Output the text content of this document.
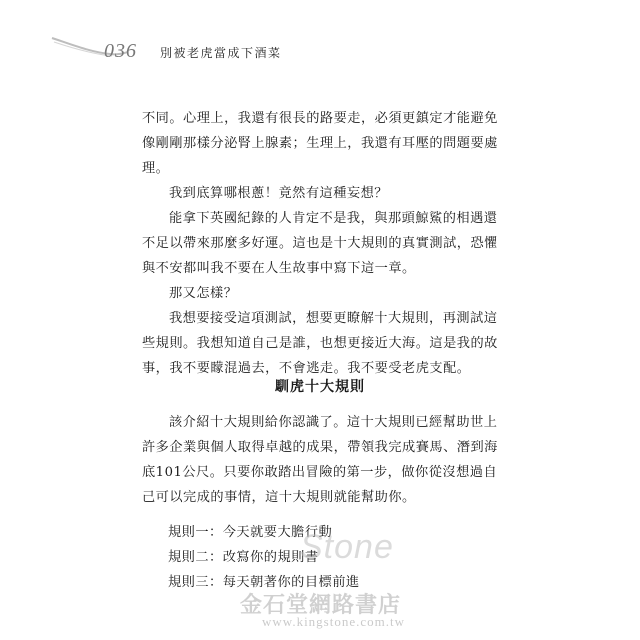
036 別被老虎當成下酒菜

不同。心理上，我還有很長的路要走，必須更鎮定才能避免像剛剛那樣分泌腎上腺素；生理上，我還有耳壓的問題要處理。

我到底算哪根蔥！竟然有這種妄想？

能拿下英國紀錄的人肯定不是我，與那頭鯨鯊的相遇還不足以帶來那麼多好運。這也是十大規則的真實測試，恐懼與不安都叫我不要在人生故事中寫下這一章。

那又怎樣？

我想要接受這項測試，想要更瞭解十大規則，再測試這些規則。我想知道自己是誰，也想更接近大海。這是我的故事，我不要矇混過去，不會逃走。我不要受老虎支配。

馴虎十大規則

該介紹十大規則給你認識了。這十大規則已經幫助世上許多企業與個人取得卓越的成果，帶領我完成賽馬、潛到海底101公尺。只要你敢踏出冒險的第一步，做你從沒想過自己可以完成的事情，這十大規則就能幫助你。

規則一：今天就要大膽行動
規則二：改寫你的規則書
規則三：每天朝著你的目標前進
Stone
金石堂網路書店
www.kingstone.com.tw
